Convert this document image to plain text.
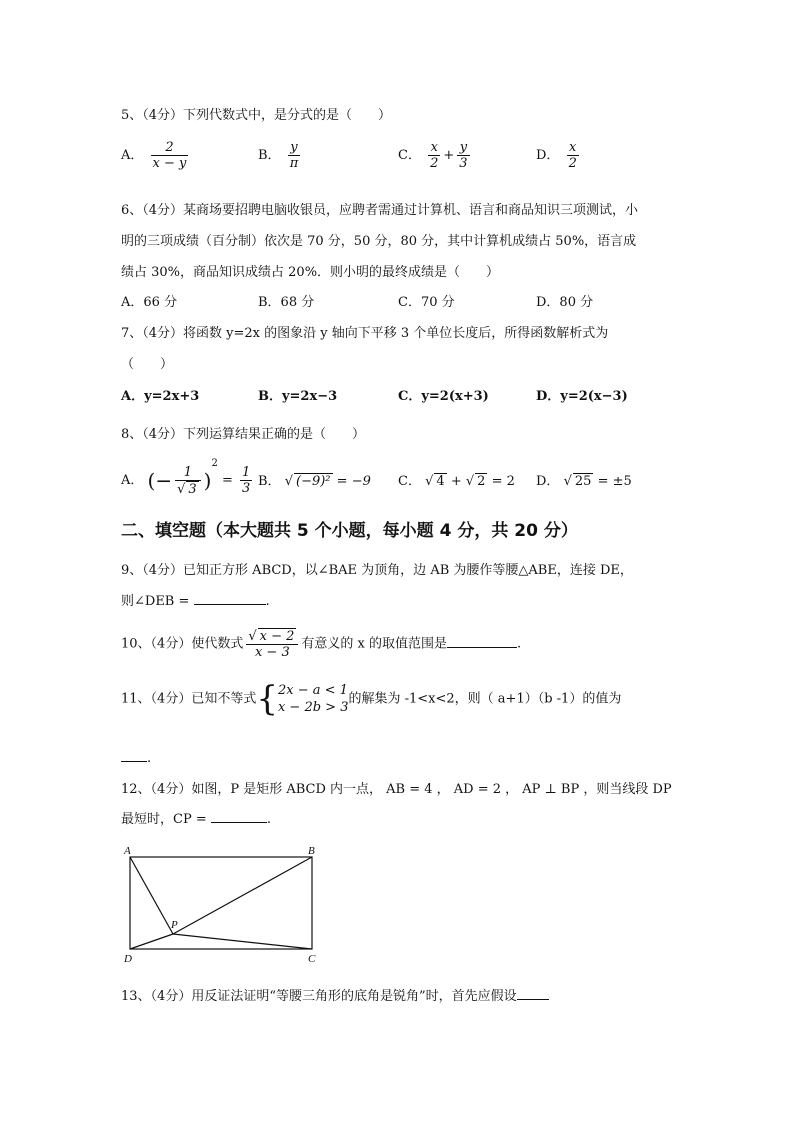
5、（4分）下列代数式中，是分式的是（　　）
A． $\frac{2}{x - y}$	B． $\frac{y}{\pi}$	C． $\frac{x}{2} + \frac{y}{3}$	D． $\frac{x}{2}$
6、（4分）某商场要招聘电脑收银员，应聘者需通过计算机、语言和商品知识三项测试，小
明的三项成绩（百分制）依次是 70 分，50 分，80 分，其中计算机成绩占 50%，语言成
绩占 30%，商品知识成绩占 20%．则小明的最终成绩是（　　）
A．66 分	B．68 分	C．70 分	D．80 分
7、（4分）将函数 y=2x 的图象沿 y 轴向下平移 3 个单位长度后，所得函数解析式为
（　　）
A．y=2x+3	B．y=2x−3	C．y=2(x+3)	D．y=2(x−3)
8、（4分）下列运算结果正确的是（　　）
A． (− $\frac{1}{√ 3} )^2 = \frac{1}{3}$ B． √ (−9)² = −9 C． √ 4 + √ 2 = 2 D． √ 25 = ±5
二、填空题（本大题共 5 个小题，每小题 4 分，共 20 分）
9、（4分）已知正方形 ABCD，以∠BAE 为顶角，边 AB 为腰作等腰△ABE，连接 DE，
则∠DEB =	.
10、（4分）使代数式 $\frac{√ x - 2}{x - 3}$ 有意义的 x 的取值范围是	.
11、（4分）已知不等式{ 2x − a < 1
x − 2b > 3
的解集为 -1<x<2，则（ a+1）（b -1）的值为
.
12、（4分）如图，P 是矩形 ABCD 内一点， AB = 4 ， AD = 2 ， AP ⊥ BP ，则当线段 DP
最短时，CP =	.
A	B
C
D
P
13、（4分）用反证法证明“等腰三角形的底角是锐角”时，首先应假设
